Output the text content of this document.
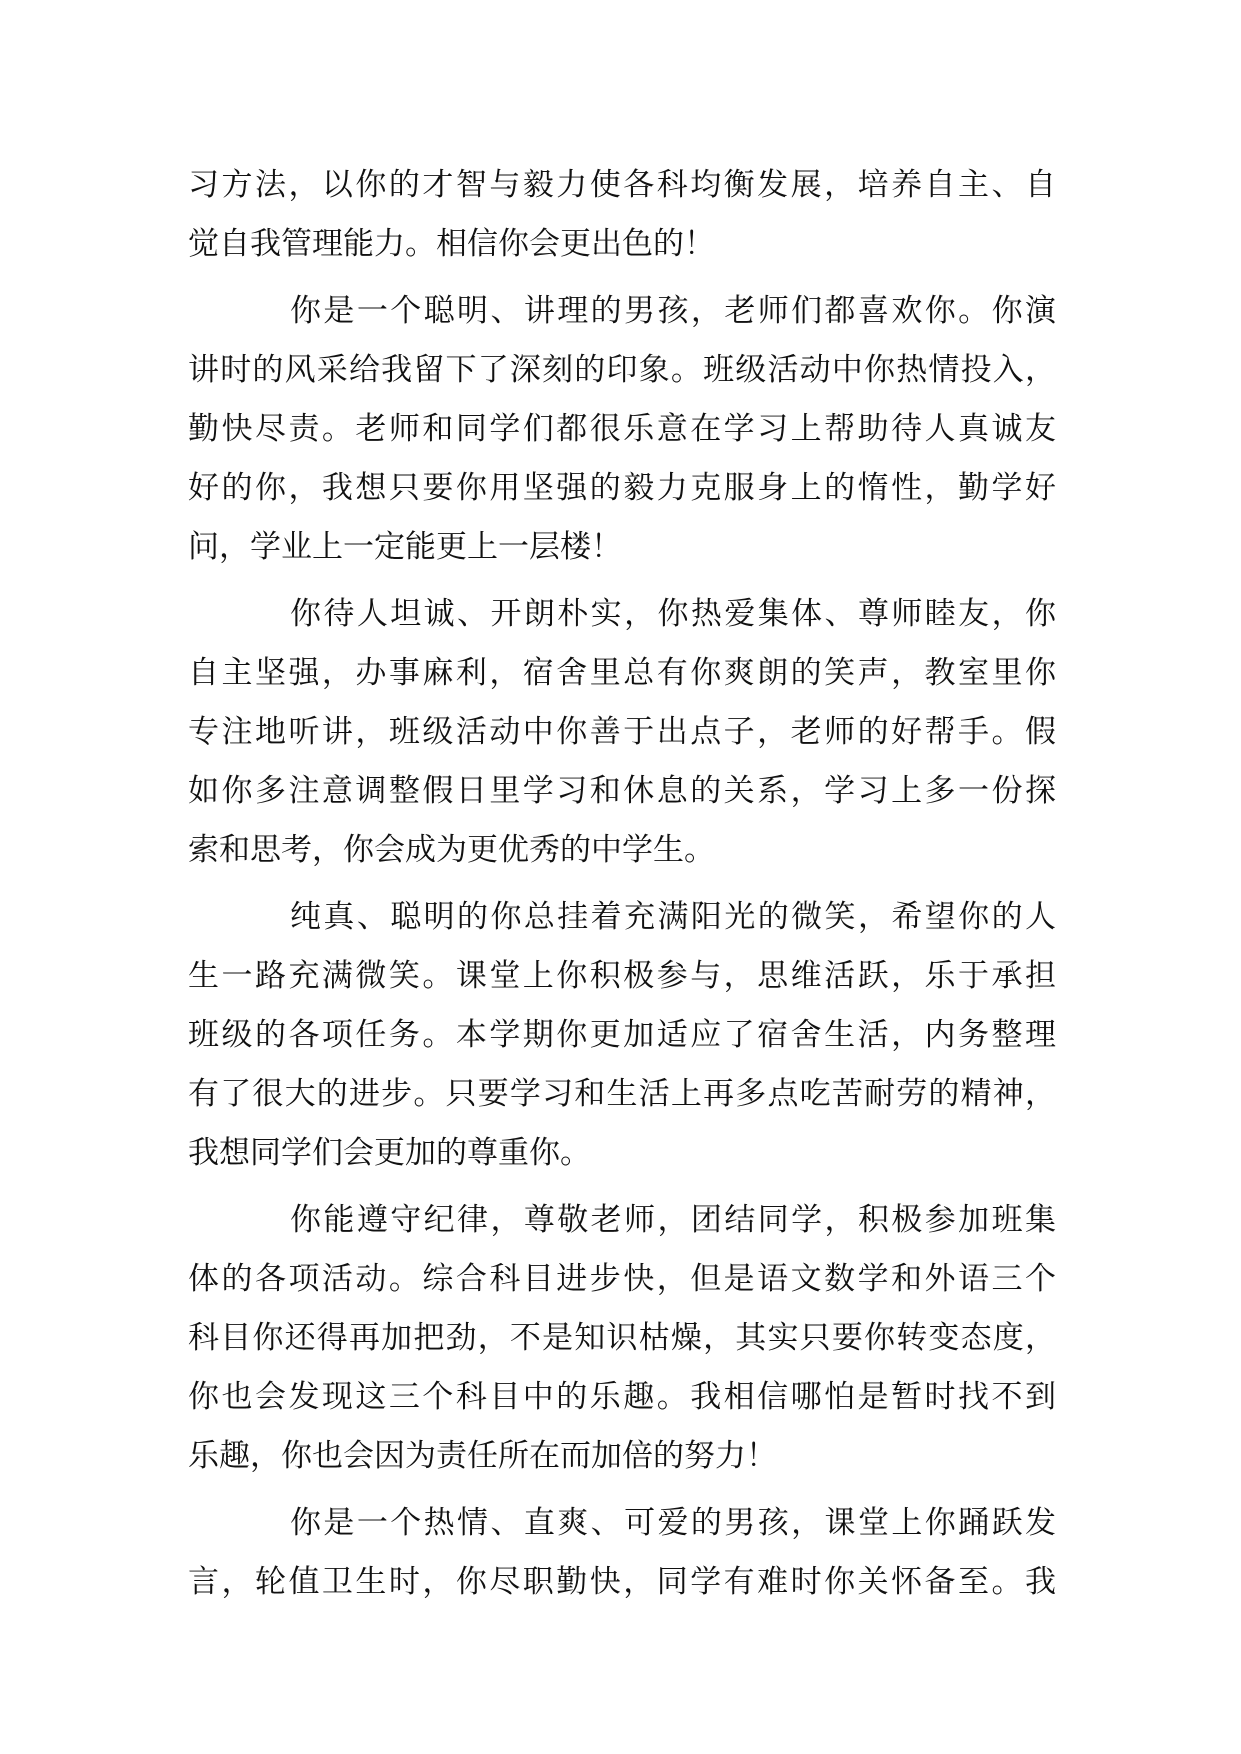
习方法，以你的才智与毅力使各科均衡发展，培养自主、自
觉自我管理能力。相信你会更出色的！
你是一个聪明、讲理的男孩，老师们都喜欢你。你演
讲时的风采给我留下了深刻的印象。班级活动中你热情投入，
勤快尽责。老师和同学们都很乐意在学习上帮助待人真诚友
好的你，我想只要你用坚强的毅力克服身上的惰性，勤学好
问，学业上一定能更上一层楼！
你待人坦诚、开朗朴实，你热爱集体、尊师睦友，你
自主坚强，办事麻利，宿舍里总有你爽朗的笑声，教室里你
专注地听讲，班级活动中你善于出点子，老师的好帮手。假
如你多注意调整假日里学习和休息的关系，学习上多一份探
索和思考，你会成为更优秀的中学生。
纯真、聪明的你总挂着充满阳光的微笑，希望你的人
生一路充满微笑。课堂上你积极参与，思维活跃，乐于承担
班级的各项任务。本学期你更加适应了宿舍生活，内务整理
有了很大的进步。只要学习和生活上再多点吃苦耐劳的精神，
我想同学们会更加的尊重你。
你能遵守纪律，尊敬老师，团结同学，积极参加班集
体的各项活动。综合科目进步快，但是语文数学和外语三个
科目你还得再加把劲，不是知识枯燥，其实只要你转变态度，
你也会发现这三个科目中的乐趣。我相信哪怕是暂时找不到
乐趣，你也会因为责任所在而加倍的努力！
你是一个热情、直爽、可爱的男孩，课堂上你踊跃发
言，轮值卫生时，你尽职勤快，同学有难时你关怀备至。我
